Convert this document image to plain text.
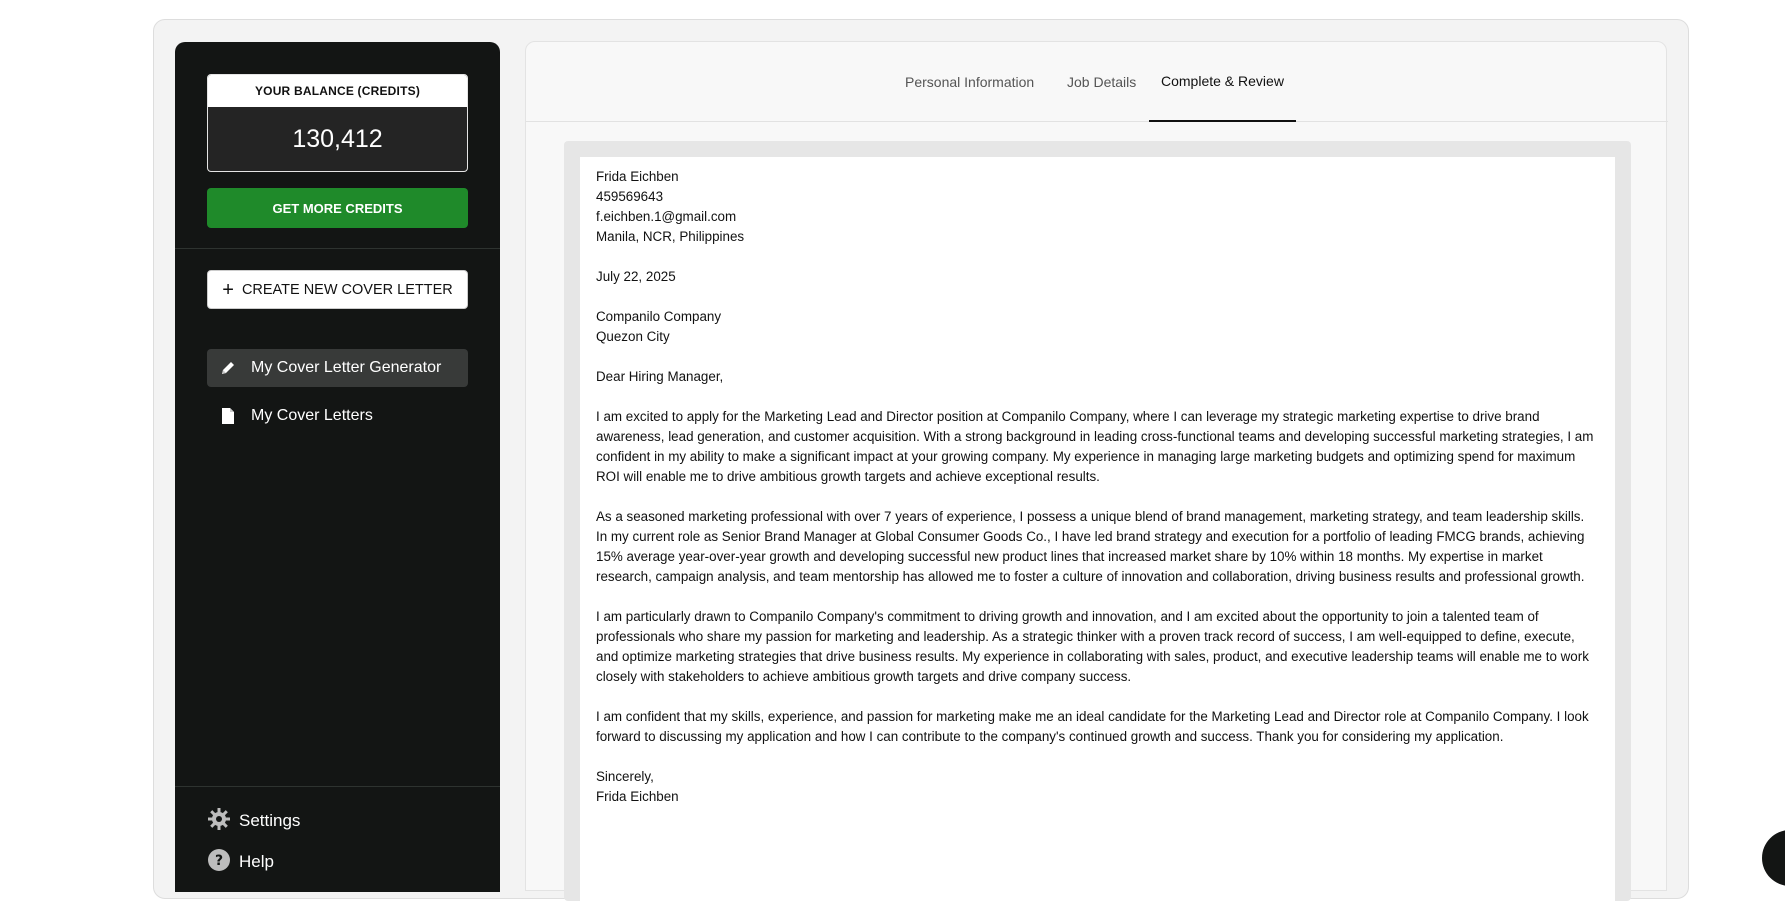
YOUR BALANCE (CREDITS)
130,412
GET MORE CREDITS
+ CREATE NEW COVER LETTER
My Cover Letter Generator
My Cover Letters
Settings
? Help
Personal Information Job Details	Complete & Review

Frida Eichben
459569643
f.eichben.1@gmail.com
Manila, NCR, Philippines

July 22, 2025

Companilo Company
Quezon City

Dear Hiring Manager,

I am excited to apply for the Marketing Lead and Director position at Companilo Company, where I can leverage my strategic marketing expertise to drive brand awareness, lead generation, and customer acquisition. With a strong background in leading cross-functional teams and developing successful marketing strategies, I am confident in my ability to make a significant impact at your growing company. My experience in managing large marketing budgets and optimizing spend for maximum ROI will enable me to drive ambitious growth targets and achieve exceptional results.

As a seasoned marketing professional with over 7 years of experience, I possess a unique blend of brand management, marketing strategy, and team leadership skills. In my current role as Senior Brand Manager at Global Consumer Goods Co., I have led brand strategy and execution for a portfolio of leading FMCG brands, achieving 15% average year-over-year growth and developing successful new product lines that increased market share by 10% within 18 months. My expertise in market research, campaign analysis, and team mentorship has allowed me to foster a culture of innovation and collaboration, driving business results and professional growth.

I am particularly drawn to Companilo Company's commitment to driving growth and innovation, and I am excited about the opportunity to join a talented team of professionals who share my passion for marketing and leadership. As a strategic thinker with a proven track record of success, I am well-equipped to define, execute, and optimize marketing strategies that drive business results. My experience in collaborating with sales, product, and executive leadership teams will enable me to work closely with stakeholders to achieve ambitious growth targets and drive company success.

I am confident that my skills, experience, and passion for marketing make me an ideal candidate for the Marketing Lead and Director role at Companilo Company. I look forward to discussing my application and how I can contribute to the company's continued growth and success. Thank you for considering my application.

Sincerely,
Frida Eichben
